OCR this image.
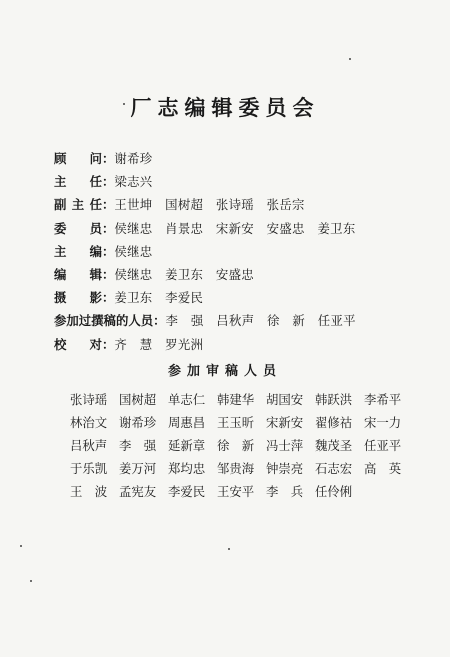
厂志编辑委员会
顾问：谢希珍
主任：梁志兴
副主任：王世坤　国树超　张诗瑶　张岳宗
委员：侯继忠　肖景忠　宋新安　安盛忠　姜卫东
主编：侯继忠
编辑：侯继忠　姜卫东　安盛忠
摄影：姜卫东　李爱民
参加过撰稿的人员：李　强　吕秋声　徐　新　任亚平
校对：齐　慧　罗光洲
参加审稿人员
张诗瑶 国树超 单志仁 韩建华 胡国安 韩跃洪 李希平
林治文 谢希珍 周惠昌 王玉昕 宋新安 翟修祜 宋一力
吕秋声 李　强 延新章 徐　新 冯士萍 魏茂圣 任亚平
于乐凯 姜万河 郑均忠 邹贵海 钟崇亮 石志宏 高　英
王　波 孟宪友 李爱民 王安平 李　兵 任伶俐
